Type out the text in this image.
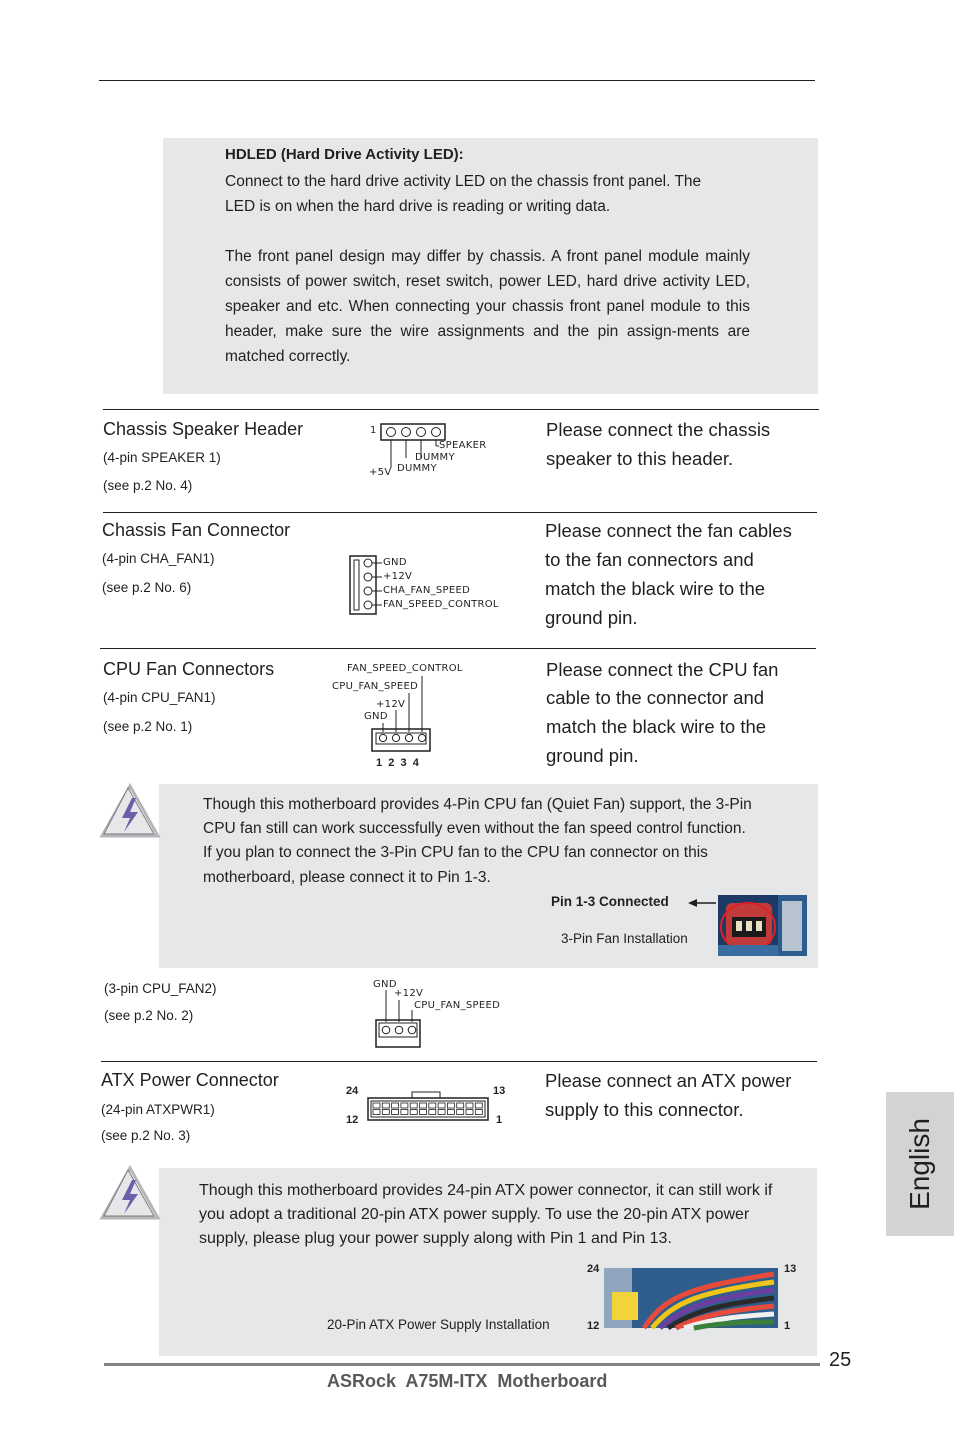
HDLED (Hard Drive Activity LED):
Connect to the hard drive activity LED on the chassis front panel. The
LED is on when the hard drive is reading or writing data.
The front panel design may differ by chassis. A front panel module mainly consists of power switch, reset switch, power LED, hard drive activity LED, speaker and etc. When connecting your chassis front panel module to this header, make sure the wire assignments and the pin assign-ments are matched correctly.
Chassis Speaker Header
(4-pin SPEAKER 1)
(see p.2 No. 4)
Please connect the chassis
speaker to this header.
1
SPEAKER
DUMMY
+5V DUMMY
Chassis Fan Connector
(4-pin CHA_FAN1)
(see p.2 No. 6)
Please connect the fan cables
to the fan connectors and
match the black wire to the
ground pin.
GND
+12V
CHA_FAN_SPEED
FAN_SPEED_CONTROL
CPU Fan Connectors
(4-pin CPU_FAN1)
(see p.2 No. 1)
Please connect the CPU fan
cable to the connector and
match the black wire to the
ground pin.
FAN_SPEED_CONTROL
CPU_FAN_SPEED
+12V
GND
1  2  3  4
Though this motherboard provides 4-Pin CPU fan (Quiet Fan) support, the 3-Pin
CPU fan still can work successfully even without the fan speed control function.
If you plan to connect the 3-Pin CPU fan to the CPU fan connector on this
motherboard, please connect it to Pin 1-3.
Pin 1-3 Connected
3-Pin Fan Installation
(3-pin CPU_FAN2)
(see p.2 No. 2)
GND
+12V
CPU_FAN_SPEED
ATX Power Connector
(24-pin ATXPWR1)
(see p.2 No. 3)
Please connect an ATX power
supply to this connector.
24	13
12	1
Though this motherboard provides 24-pin ATX power connector, it can still work if
you adopt a traditional 20-pin ATX power supply. To use the 20-pin ATX power
supply, please plug your power supply along with Pin 1 and Pin 13.
20-Pin ATX Power Supply Installation
24	13
12	1
English
25
ASRock  A75M-ITX  Motherboard
